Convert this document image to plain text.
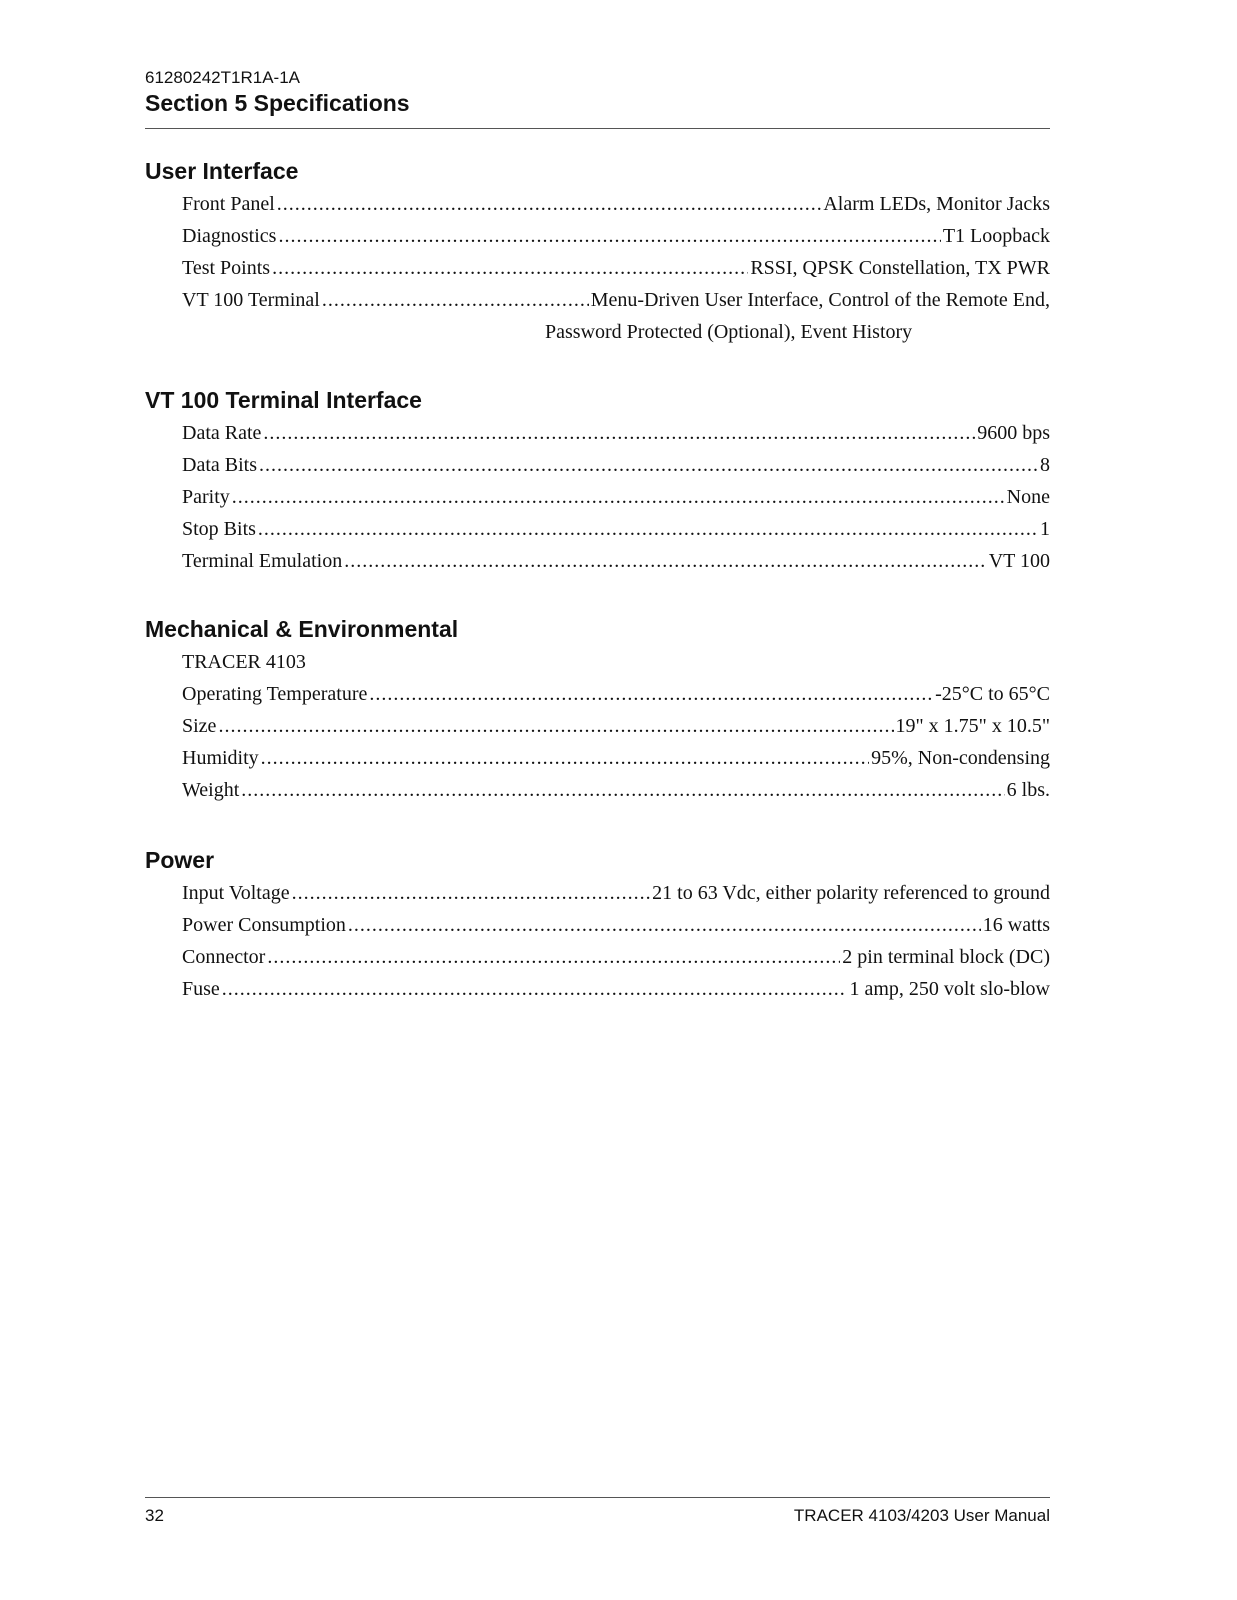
61280242T1R1A-1A
Section 5 Specifications
User Interface
Front Panel .....	Alarm LEDs, Monitor Jacks
Diagnostics .....	T1 Loopback
Test Points .....	RSSI, QPSK Constellation, TX PWR
VT 100 Terminal .....	Menu-Driven User Interface, Control of the Remote End,
Password Protected (Optional), Event History
VT 100 Terminal Interface
Data Rate .....	9600 bps
Data Bits .....	8
Parity .....	None
Stop Bits .....	1
Terminal Emulation .....	VT 100
Mechanical & Environmental
TRACER 4103
Operating Temperature .....	-25°C to 65°C
Size .....	19" x 1.75" x 10.5"
Humidity .....	95%, Non-condensing
Weight .....	6 lbs.
Power
Input Voltage .....	21 to 63 Vdc, either polarity referenced to ground
Power Consumption .....	16 watts
Connector .....	2 pin terminal block (DC)
Fuse .....	1 amp, 250 volt slo-blow
32	TRACER 4103/4203 User Manual
